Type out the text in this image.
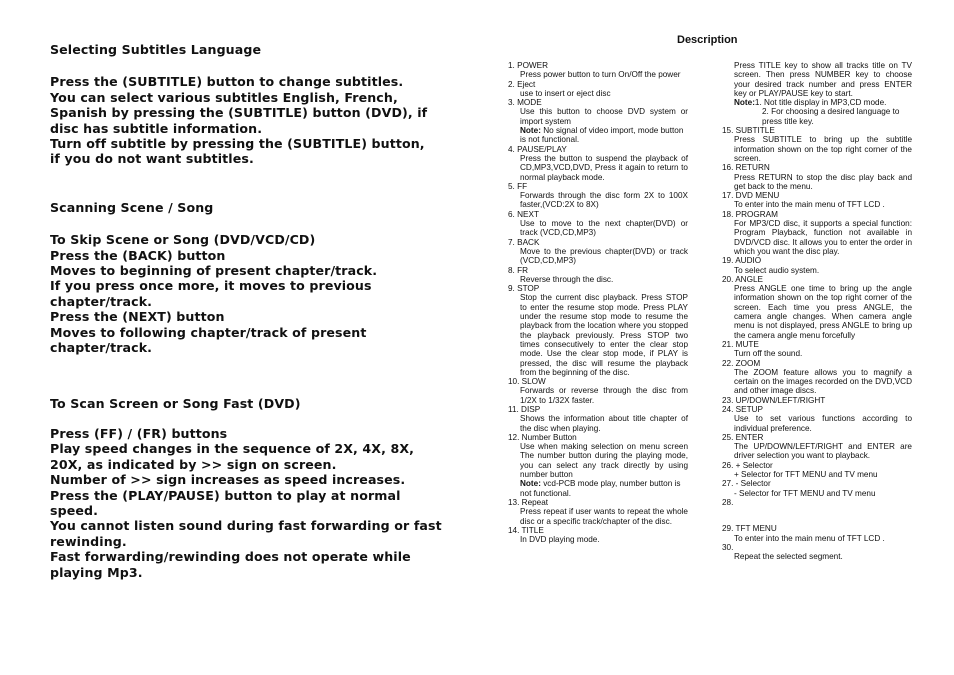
Selecting Subtitles Language

Press the (SUBTITLE) button to change subtitles.

You can select various subtitles English, French,

Spanish by pressing the (SUBTITLE) button (DVD), if

disc has subtitle information.

Turn off subtitle by pressing the (SUBTITLE) button,

if you do not want subtitles.

Scanning Scene / Song

To Skip Scene or Song (DVD/VCD/CD)

Press the (BACK) button

Moves to beginning of present chapter/track.

If you press once more, it moves to previous

chapter/track.

Press the (NEXT) button

Moves to following chapter/track of present

chapter/track.

To Scan Screen or Song Fast (DVD)

Press (FF) / (FR) buttons

Play speed changes in the sequence of 2X, 4X, 8X,

20X, as indicated by >> sign on screen.

Number of >> sign increases as speed increases.

Press the (PLAY/PAUSE) button to play at normal

speed.

You cannot listen sound during fast forwarding or fast

rewinding.

Fast forwarding/rewinding does not operate while

playing Mp3.

Description
1. POWER
Press power button to turn On/Off the power
2. Eject
use to insert or eject disc
3. MODE
Use this button to choose DVD system or import system
Note: No signal of video import, mode button is not functional.
4. PAUSE/PLAY
Press the button to suspend the playback of CD,MP3,VCD,DVD, Press it again to return to normal playback mode.
5. FF
Forwards through the disc form 2X to 100X faster,(VCD:2X to 8X)
6. NEXT
Use to move to the next chapter(DVD) or track (VCD,CD,MP3)
7. BACK
Move to the previous chapter(DVD) or track (VCD,CD,MP3)
8. FR
Reverse through the disc.
9. STOP
Stop the current disc playback. Press STOP to enter the resume stop mode. Press PLAY under the resume stop mode to resume the playback from the location where you stopped the playback previously. Press STOP two times consecutively to enter the clear stop mode. Use the clear stop mode, if PLAY is pressed, the disc will resume the playback from the beginning of the disc.
10. SLOW
Forwards or reverse through the disc from 1/2X to 1/32X faster.
11. DISP
Shows the information about title chapter of the disc when playing.
12. Number Button
Use when making selection on menu screen The number button during the playing mode, you can select any track directly by using number button
Note: vcd-PCB mode play, number button is not functional.
13. Repeat
Press repeat if user wants to repeat the whole disc or a specific track/chapter of the disc.
14. TITLE
In DVD playing mode.
Press TITLE key to show all tracks title on TV screen. Then press NUMBER key to choose your desired track number and press ENTER key or PLAY/PAUSE key to start.
Note:1. Not title display in MP3,CD mode.
2. For choosing a desired language to press title key.
15. SUBTITLE
Press SUBTITLE to bring up the subtitle information shown on the top right corner of the screen.
16. RETURN
Press RETURN to stop the disc play back and get back to the menu.
17. DVD MENU
To enter into the main menu of TFT LCD .
18. PROGRAM
For MP3/CD disc, it supports a special function: Program Playback, function not available in DVD/VCD disc. It allows you to enter the order in which you want the disc play.
19. AUDIO
To select audio system.
20. ANGLE
Press ANGLE one time to bring up the angle information shown on the top right corner of the screen. Each time you press ANGLE, the camera angle changes. When camera angle menu is not displayed, press ANGLE to bring up the camera angle menu forcefully
21. MUTE
Turn off the sound.
22. ZOOM
The ZOOM feature allows you to magnify a certain on the images recorded on the DVD,VCD and other image discs.
23. UP/DOWN/LEFT/RIGHT
24. SETUP
Use to set various functions according to individual preference.
25. ENTER
The UP/DOWN/LEFT/RIGHT and ENTER are driver selection you want to playback.
26. + Selector
+ Selector for TFT MENU and TV menu
27. - Selector
- Selector for TFT MENU and TV menu
28.
29. TFT MENU
To enter into the main menu of TFT LCD .
30.
Repeat the selected segment.
